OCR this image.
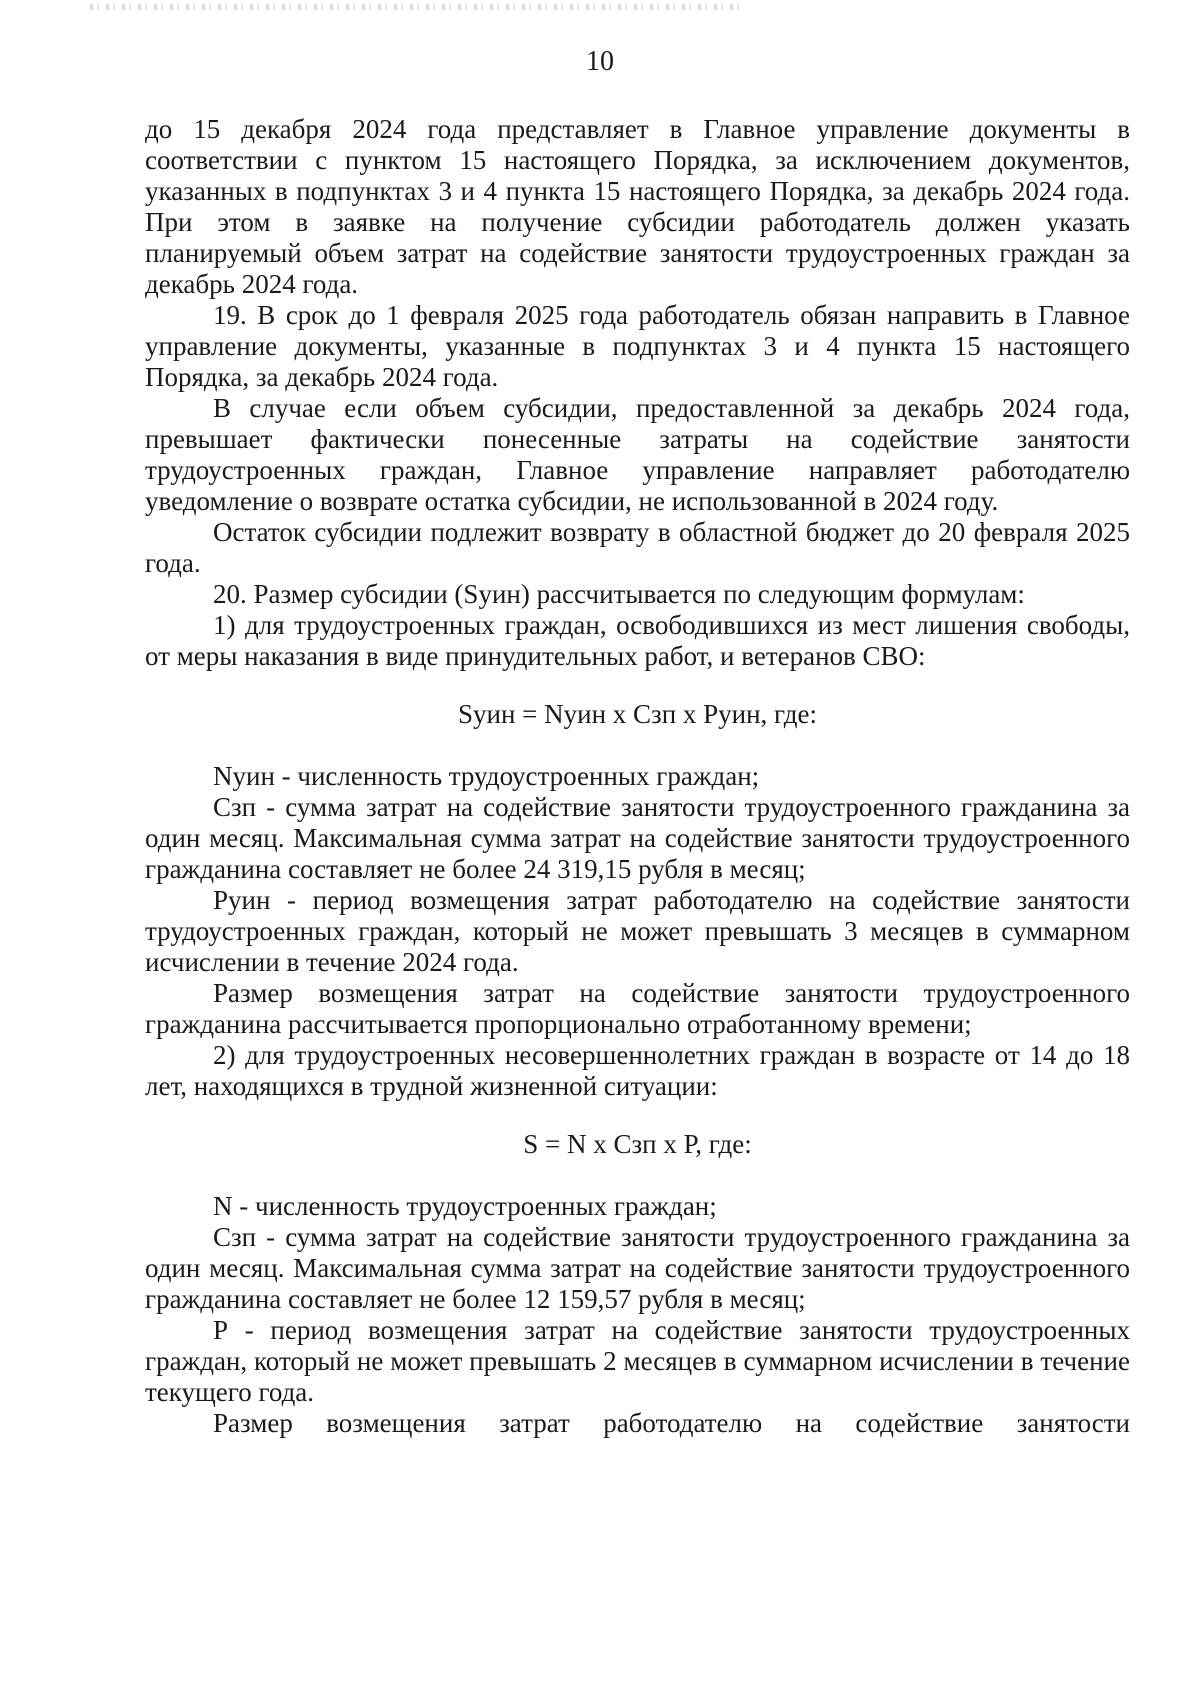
10

до 15 декабря 2024 года представляет в Главное управление документы в соответствии с пунктом 15 настоящего Порядка, за исключением документов, указанных в подпунктах 3 и 4 пункта 15 настоящего Порядка, за декабрь 2024 года. При этом в заявке на получение субсидии работодатель должен указать планируемый объем затрат на содействие занятости трудоустроенных граждан за декабрь 2024 года.

19. В срок до 1 февраля 2025 года работодатель обязан направить в Главное управление документы, указанные в подпунктах 3 и 4 пункта 15 настоящего Порядка, за декабрь 2024 года.

В случае если объем субсидии, предоставленной за декабрь 2024 года, превышает фактически понесенные затраты на содействие занятости трудоустроенных граждан, Главное управление направляет работодателю уведомление о возврате остатка субсидии, не использованной в 2024 году.

Остаток субсидии подлежит возврату в областной бюджет до 20 февраля 2025 года.

20. Размер субсидии (Sуин) рассчитывается по следующим формулам:

1) для трудоустроенных граждан, освободившихся из мест лишения свободы, от меры наказания в виде принудительных работ, и ветеранов СВО:

Sуин = Nуин х Сзп х Руин, где:

Nуин - численность трудоустроенных граждан;

Сзп - сумма затрат на содействие занятости трудоустроенного гражданина за один месяц. Максимальная сумма затрат на содействие занятости трудоустроенного гражданина составляет не более 24 319,15 рубля в месяц;

Руин - период возмещения затрат работодателю на содействие занятости трудоустроенных граждан, который не может превышать 3 месяцев в суммарном исчислении в течение 2024 года.

Размер возмещения затрат на содействие занятости трудоустроенного гражданина рассчитывается пропорционально отработанному времени;

2) для трудоустроенных несовершеннолетних граждан в возрасте от 14 до 18 лет, находящихся в трудной жизненной ситуации:

S = N х Сзп х Р, где:

N - численность трудоустроенных граждан;

Сзп - сумма затрат на содействие занятости трудоустроенного гражданина за один месяц. Максимальная сумма затрат на содействие занятости трудоустроенного гражданина составляет не более 12 159,57 рубля в месяц;

Р - период возмещения затрат на содействие занятости трудоустроенных граждан, который не может превышать 2 месяцев в суммарном исчислении в течение текущего года.

Размер возмещения затрат работодателю на содействие занятости
